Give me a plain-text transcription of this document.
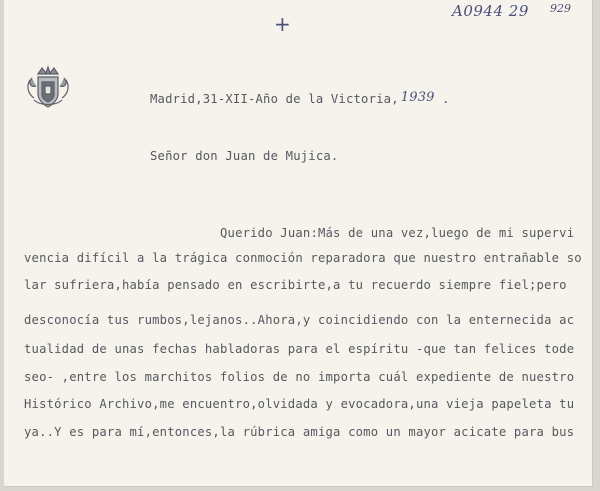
A0944 29 929
+
Madrid,31-XII-Año de la Victoria, 1939 .
Señor don Juan de Mujica.
Querido Juan:Más de una vez,luego de mi supervi
vencia difícil a la trágica conmoción reparadora que nuestro entrañable so
lar sufriera,había pensado en escribirte,a tu recuerdo siempre fiel;pero
desconocía tus rumbos,lejanos..Ahora,y coincidiendo con la enternecida ac
tualidad de unas fechas habladoras para el espíritu -que tan felices tode
seo- ,entre los marchitos folios de no importa cuál expediente de nuestro
Histórico Archivo,me encuentro,olvidada y evocadora,una vieja papeleta tu
ya..Y es para mí,entonces,la rúbrica amiga como un mayor acicate para bus
